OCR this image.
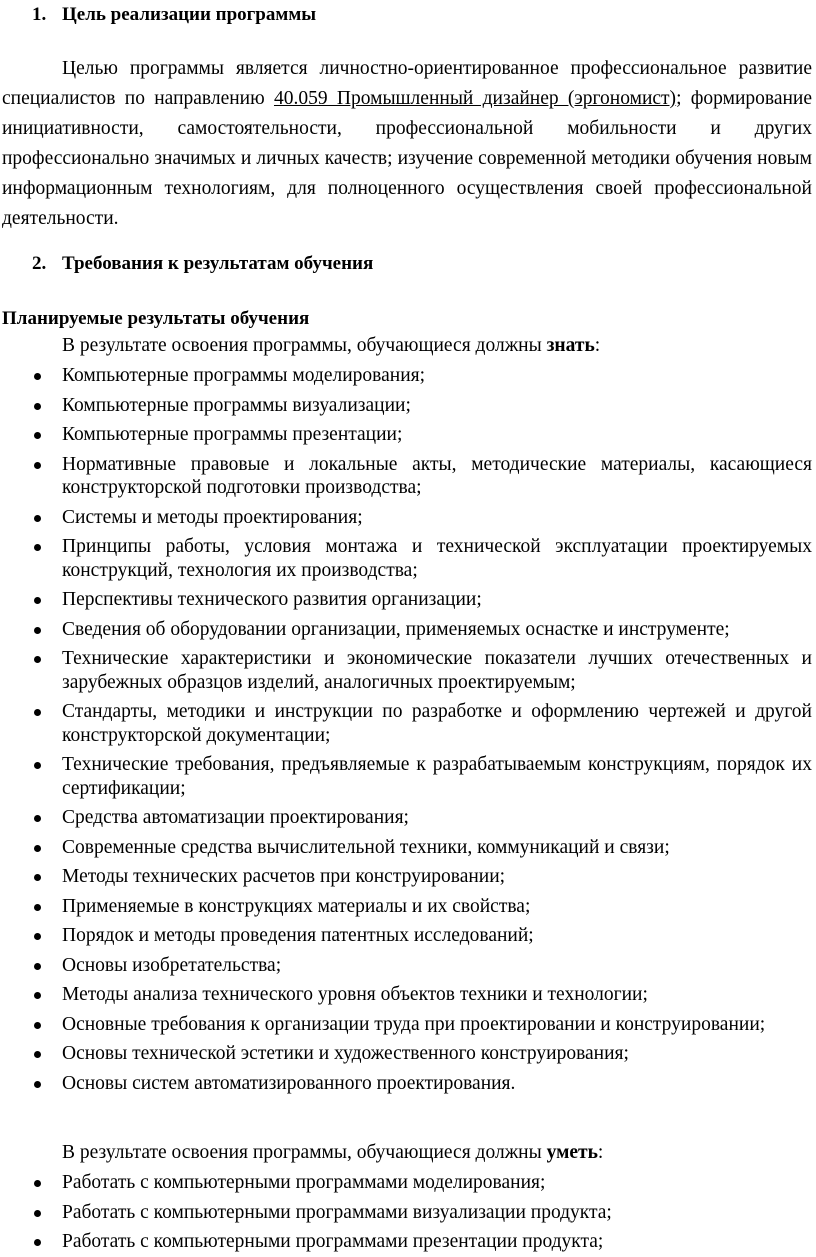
1. Цель реализации программы

Целью программы является личностно-ориентированное профессиональное развитие специалистов по направлению 40.059 Промышленный дизайнер (эргономист); формирование инициативности, самостоятельности, профессиональной мобильности и других профессионально значимых и личных качеств; изучение современной методики обучения новым информационным технологиям, для полноценного осуществления своей профессиональной деятельности.

2. Требования к результатам обучения
Планируемые результаты обучения

В результате освоения программы, обучающиеся должны знать:

Компьютерные программы моделирования;
Компьютерные программы визуализации;
Компьютерные программы презентации;
Нормативные правовые и локальные акты, методические материалы, касающиеся конструкторской подготовки производства;
Системы и методы проектирования;
Принципы работы, условия монтажа и технической эксплуатации проектируемых конструкций, технология их производства;
Перспективы технического развития организации;
Сведения об оборудовании организации, применяемых оснастке и инструменте;
Технические характеристики и экономические показатели лучших отечественных и зарубежных образцов изделий, аналогичных проектируемым;
Стандарты, методики и инструкции по разработке и оформлению чертежей и другой конструкторской документации;
Технические требования, предъявляемые к разрабатываемым конструкциям, порядок их сертификации;
Средства автоматизации проектирования;
Современные средства вычислительной техники, коммуникаций и связи;
Методы технических расчетов при конструировании;
Применяемые в конструкциях материалы и их свойства;
Порядок и методы проведения патентных исследований;
Основы изобретательства;
Методы анализа технического уровня объектов техники и технологии;
Основные требования к организации труда при проектировании и конструировании;
Основы технической эстетики и художественного конструирования;
Основы систем автоматизированного проектирования.

В результате освоения программы, обучающиеся должны уметь:

Работать с компьютерными программами моделирования;
Работать с компьютерными программами визуализации продукта;
Работать с компьютерными программами презентации продукта;
